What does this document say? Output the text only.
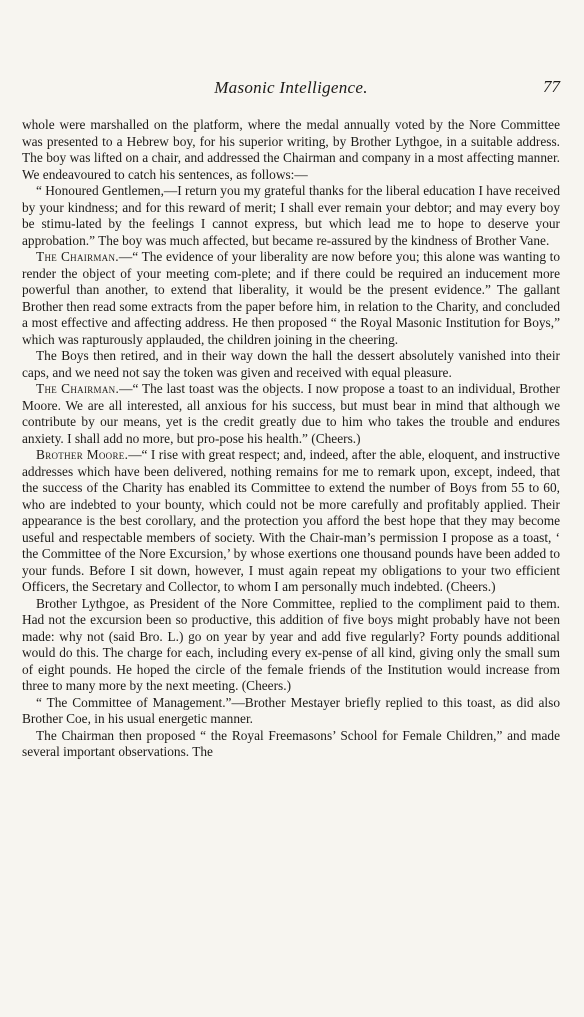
Masonic Intelligence.	77

whole were marshalled on the platform, where the medal annually voted by the Nore Committee was presented to a Hebrew boy, for his superior writing, by Brother Lythgoe, in a suitable address. The boy was lifted on a chair, and addressed the Chairman and company in a most affecting manner. We endeavoured to catch his sentences, as follows:—

“ Honoured Gentlemen,—I return you my grateful thanks for the liberal education I have received by your kindness; and for this reward of merit; I shall ever remain your debtor; and may every boy be stimu-lated by the feelings I cannot express, but which lead me to hope to deserve your approbation.” The boy was much affected, but became re-assured by the kindness of Brother Vane.

The Chairman.—“ The evidence of your liberality are now before you; this alone was wanting to render the object of your meeting com-plete; and if there could be required an inducement more powerful than another, to extend that liberality, it would be the present evidence.” The gallant Brother then read some extracts from the paper before him, in relation to the Charity, and concluded a most effective and affecting address. He then proposed “ the Royal Masonic Institution for Boys,” which was rapturously applauded, the children joining in the cheering.

The Boys then retired, and in their way down the hall the dessert absolutely vanished into their caps, and we need not say the token was given and received with equal pleasure.

The Chairman.—“ The last toast was the objects. I now propose a toast to an individual, Brother Moore. We are all interested, all anxious for his success, but must bear in mind that although we contribute by our means, yet is the credit greatly due to him who takes the trouble and endures anxiety. I shall add no more, but pro-pose his health.” (Cheers.)

Brother Moore.—“ I rise with great respect; and, indeed, after the able, eloquent, and instructive addresses which have been delivered, nothing remains for me to remark upon, except, indeed, that the success of the Charity has enabled its Committee to extend the number of Boys from 55 to 60, who are indebted to your bounty, which could not be more carefully and profitably applied. Their appearance is the best corollary, and the protection you afford the best hope that they may become useful and respectable members of society. With the Chair-man’s permission I propose as a toast, ‘ the Committee of the Nore Excursion,’ by whose exertions one thousand pounds have been added to your funds. Before I sit down, however, I must again repeat my obligations to your two efficient Officers, the Secretary and Collector, to whom I am personally much indebted. (Cheers.)

Brother Lythgoe, as President of the Nore Committee, replied to the compliment paid to them. Had not the excursion been so productive, this addition of five boys might probably have not been made: why not (said Bro. L.) go on year by year and add five regularly? Forty pounds additional would do this. The charge for each, including every ex-pense of all kind, giving only the small sum of eight pounds. He hoped the circle of the female friends of the Institution would increase from three to many more by the next meeting. (Cheers.)

“ The Committee of Management.”—Brother Mestayer briefly replied to this toast, as did also Brother Coe, in his usual energetic manner.

The Chairman then proposed “ the Royal Freemasons’ School for Female Children,” and made several important observations. The
